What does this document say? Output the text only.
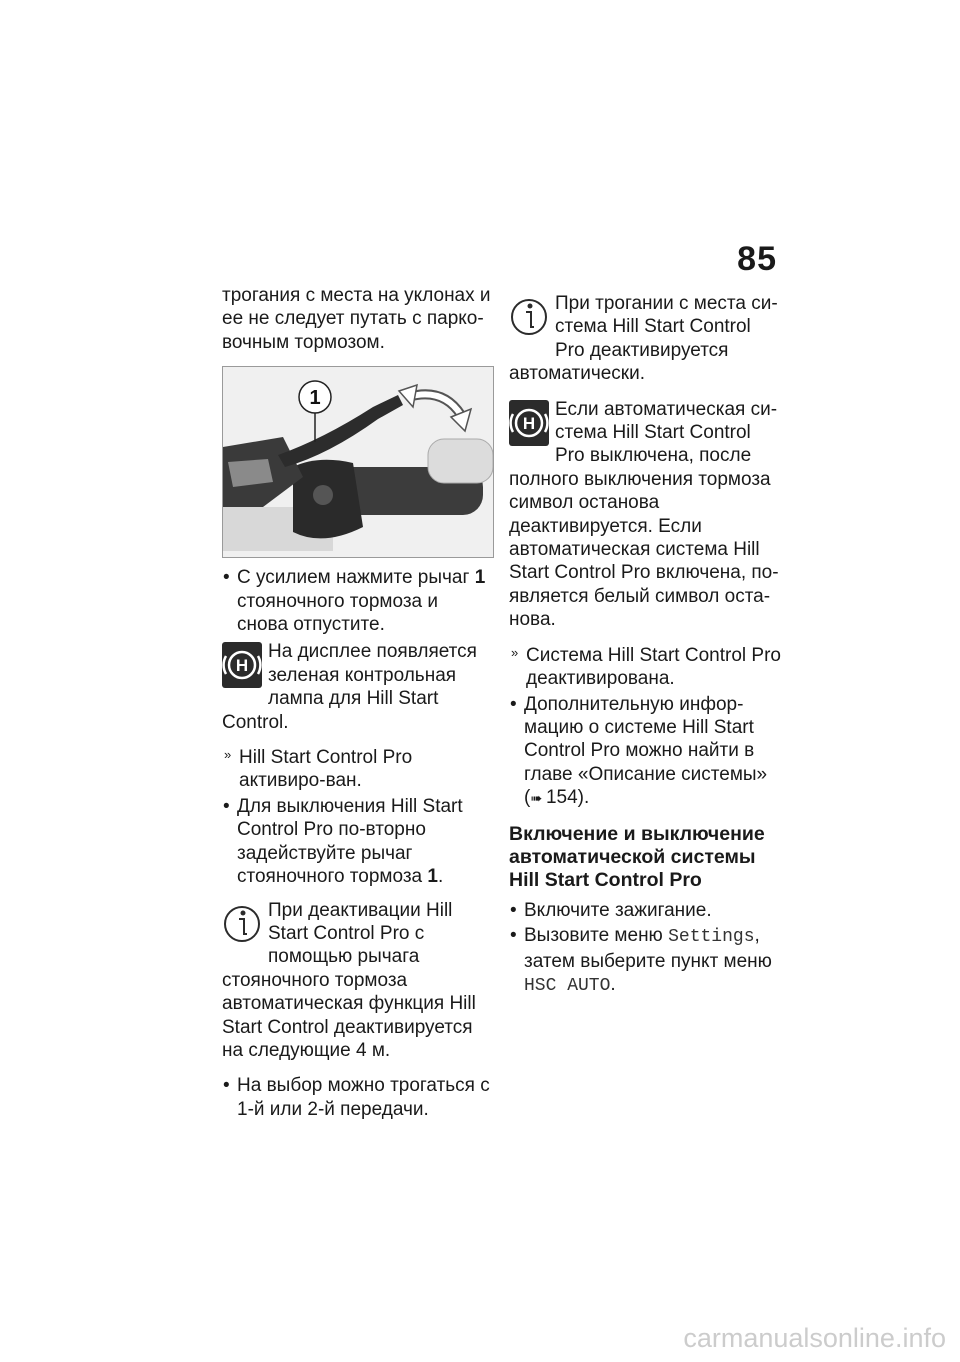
85

трогания с места на уклонах и ее не следует путать с парко-вочным тормозом.

1
• С усилием нажмите рычаг 1 стояночного тормоза и снова отпустите.
H
На дисплее появляется зеленая контрольная лампа для Hill Start Control.
» Hill Start Control Pro активиро-ван.
• Для выключения Hill Start Control Pro по-вторно задействуйте рычаг стояночного тормоза 1.
При деактивации Hill Start Control Pro с помощью рычага стояночного тормоза автоматическая функция Hill Start Control деактивируется на следующие 4 м.
• На выбор можно трогаться с 1-й или 2-й передачи.
При трогании с места си-стема Hill Start Control Pro деактивируется автоматически.
H
Если автоматическая си-стема Hill Start Control Pro выключена, после полного выключения тормоза символ останова деактивируется. Если автоматическая система Hill Start Control Pro включена, по-является белый символ оста-нова.
» Система Hill Start Control Pro деактивирована.
• Дополнительную инфор-мацию о системе Hill Start Control Pro можно найти в главе «Описание системы» (➠ 154).
Включение и выключение автоматической системы Hill Start Control Pro
• Включите зажигание.
• Вызовите меню Settings, затем выберите пункт меню HSC AUTO.
carmanualsonline.info
